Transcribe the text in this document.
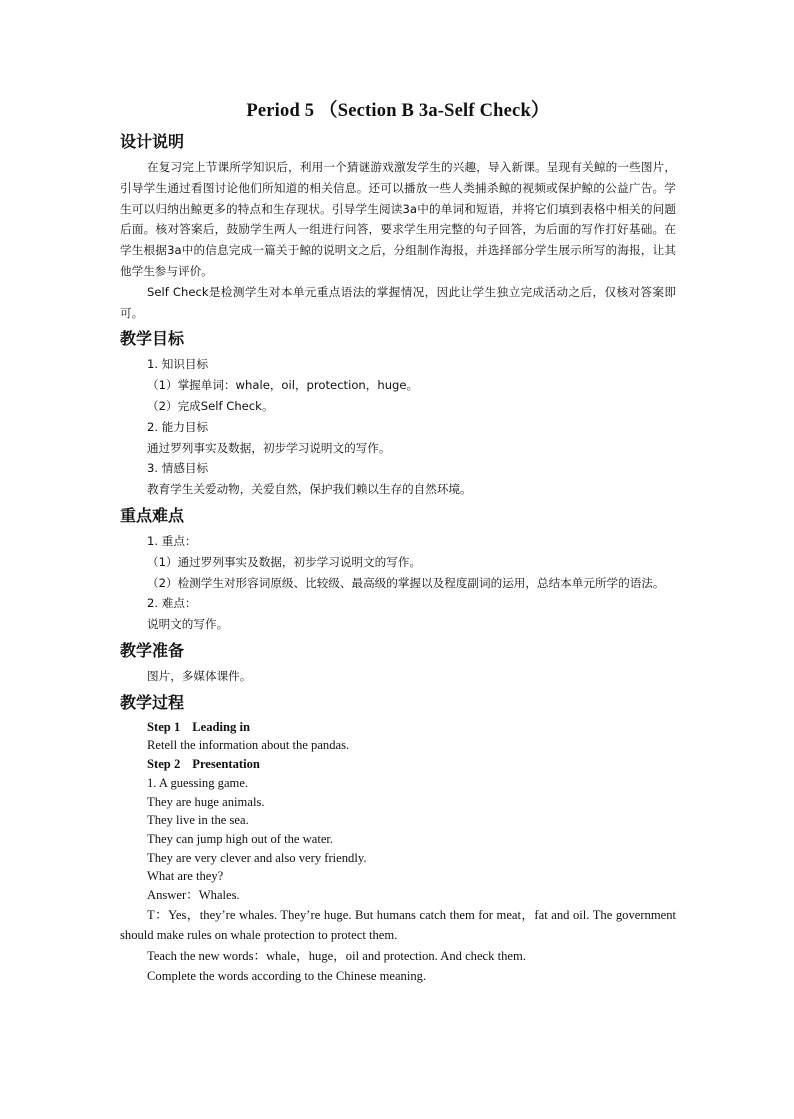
Period 5 （Section B 3a-Self Check）
设计说明

在复习完上节课所学知识后，利用一个猜谜游戏激发学生的兴趣，导入新课。呈现有关鲸的一些图片，引导学生通过看图讨论他们所知道的相关信息。还可以播放一些人类捕杀鲸的视频或保护鲸的公益广告。学生可以归纳出鲸更多的特点和生存现状。引导学生阅读3a中的单词和短语，并将它们填到表格中相关的问题后面。核对答案后，鼓励学生两人一组进行问答，要求学生用完整的句子回答，为后面的写作打好基础。在学生根据3a中的信息完成一篇关于鲸的说明文之后，分组制作海报，并选择部分学生展示所写的海报，让其他学生参与评价。

Self Check是检测学生对本单元重点语法的掌握情况，因此让学生独立完成活动之后，仅核对答案即可。

教学目标

1. 知识目标

（1）掌握单词：whale，oil，protection，huge。

（2）完成Self Check。

2. 能力目标

通过罗列事实及数据，初步学习说明文的写作。

3. 情感目标

教育学生关爱动物，关爱自然，保护我们赖以生存的自然环境。

重点难点

1. 重点：

（1）通过罗列事实及数据，初步学习说明文的写作。

（2）检测学生对形容词原级、比较级、最高级的掌握以及程度副词的运用，总结本单元所学的语法。

2. 难点：

说明文的写作。

教学准备

图片，多媒体课件。

教学过程

Step 1 Leading in

Retell the information about the pandas.

Step 2 Presentation

1. A guessing game.

They are huge animals.

They live in the sea.

They can jump high out of the water.

They are very clever and also very friendly.

What are they?

Answer：Whales.

T：Yes，they’re whales. They’re huge. But humans catch them for meat，fat and oil. The government should make rules on whale protection to protect them.

Teach the new words：whale，huge，oil and protection. And check them.

Complete the words according to the Chinese meaning.
